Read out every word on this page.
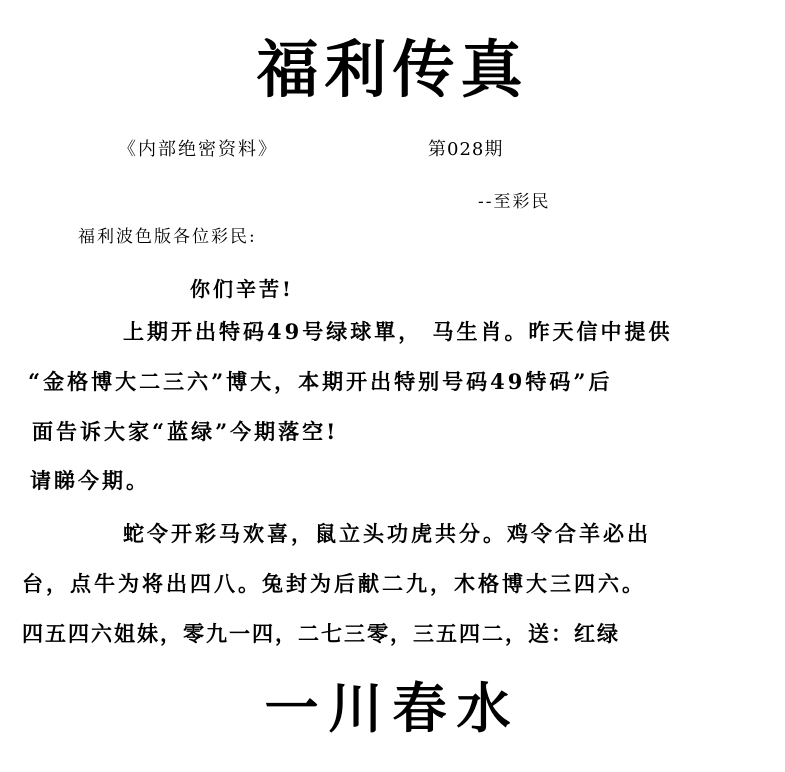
福利传真
《内部绝密资料》	第028期
--至彩民
福利波色版各位彩民:
你们辛苦!
上期开出特码49号绿球單， 马生肖。昨天信中提供
“金格博大二三六”博大，本期开出特别号码49特码”后
面告诉大家“蓝绿”今期落空!
请睇今期。
蛇令开彩马欢喜，鼠立头功虎共分。鸡令合羊必出
台，点牛为将出四八。兔封为后献二九，木格博大三四六。
四五四六姐妹，零九一四，二七三零，三五四二，送：红绿
一川春水
